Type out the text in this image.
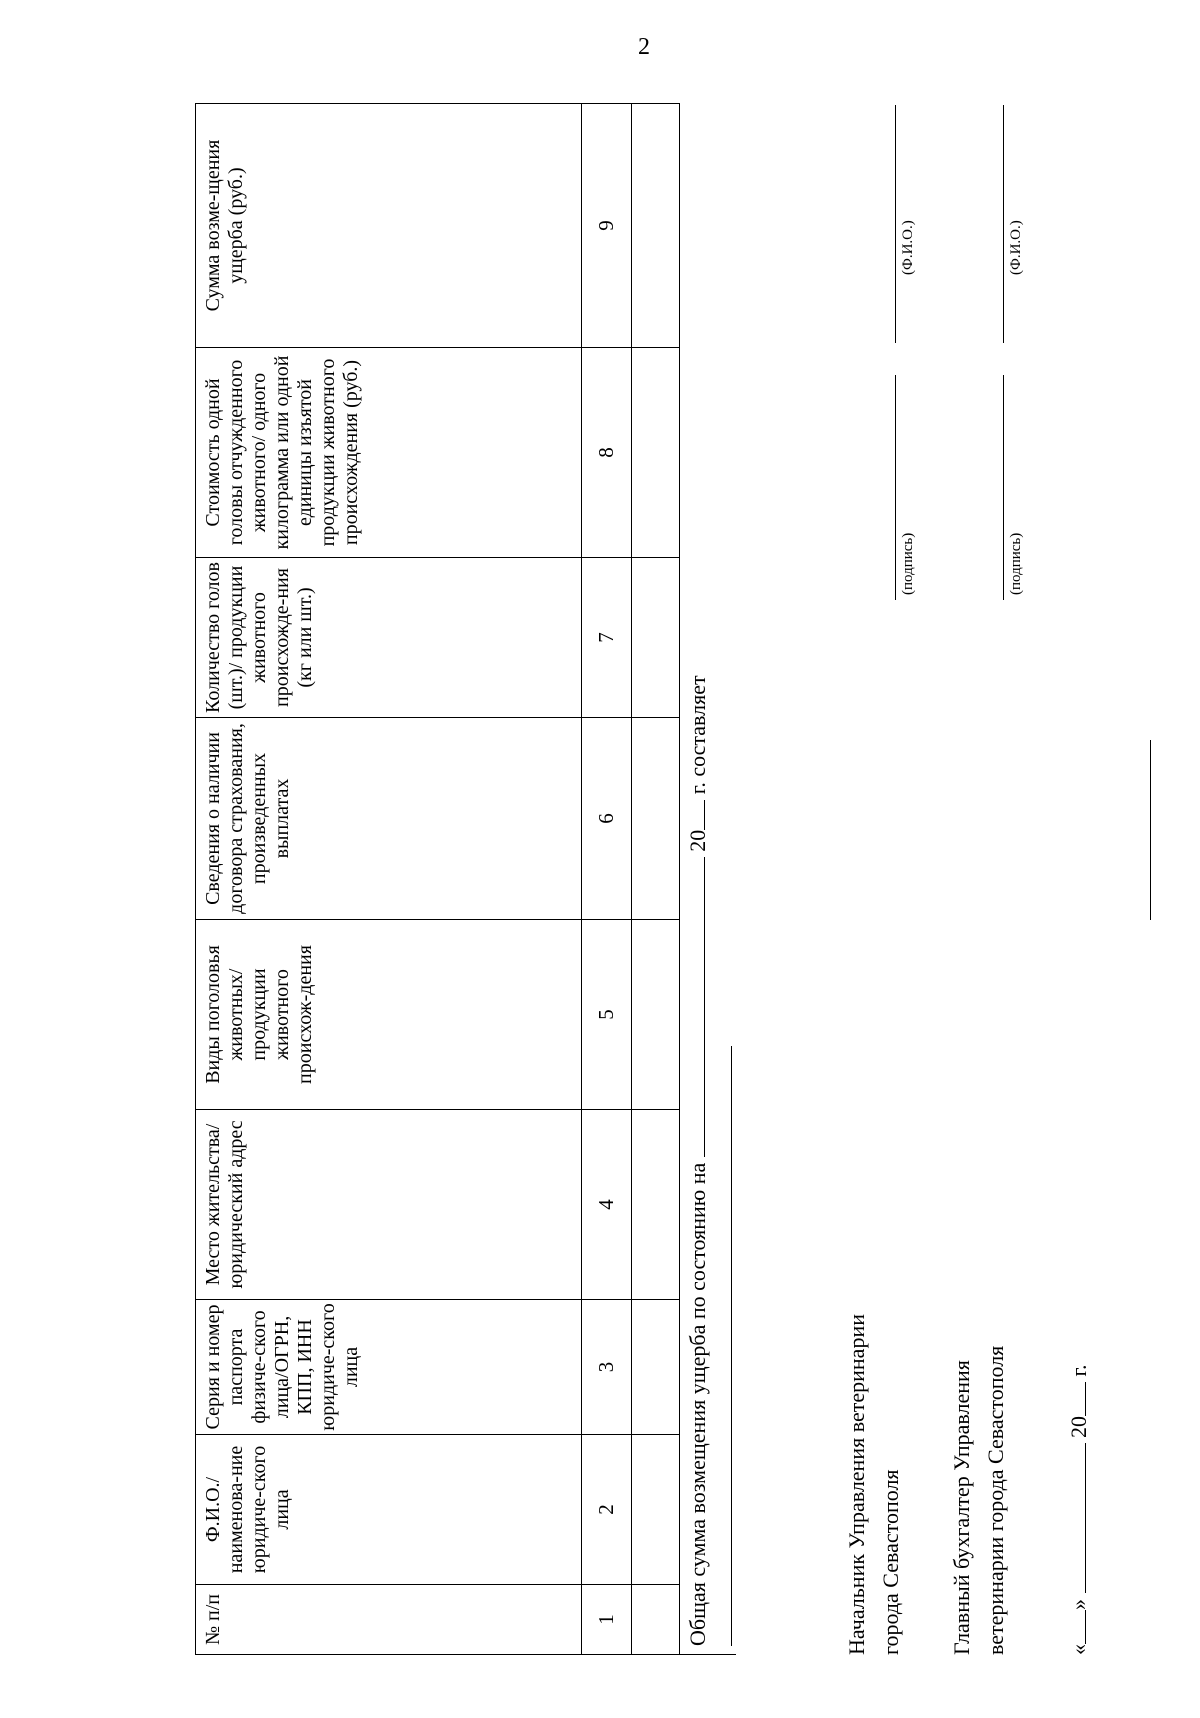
2
№ п/п	Ф.И.О./ наименова-ние юридиче-ского лица	Серия и номер паспорта физиче-ского лица/ОГРН, КПП, ИНН юридиче-ского лица	Место жительства/ юридический адрес	Виды поголовья животных/ продукции животного происхож-дения	Сведения о наличии договора страхования, произведенных выплатах	Количество голов (шт.)/ продукции животного происхожде-ния (кг или шт.)	Стоимость одной головы отчужденного животного/ одного килограмма или одной единицы изъятой продукции животного происхождения (руб.)	Сумма возме-щения ущерба (руб.)
1	2	3	4	5	6	7	8	9

Общая сумма возмещения ущерба по состоянию на  20 г. составляет								
Начальник Управления ветеринарии города Севастополя
(подпись)
(Ф.И.О.)
Главный бухгалтер Управления ветеринарии города Севастополя
(подпись)
(Ф.И.О.)
«»  20 г.
